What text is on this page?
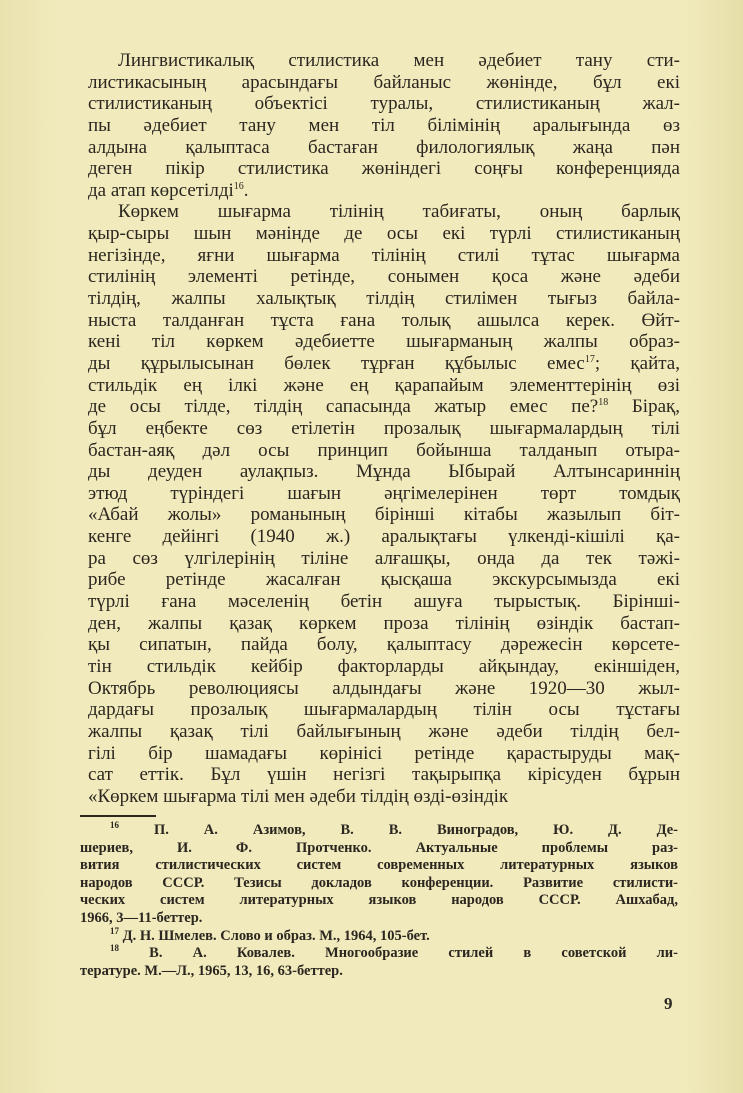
Лингвистикалық стилистика мен әдебиет тану сти-
листикасының арасындағы байланыс жөнінде, бұл екі
стилистиканың объектісі туралы, стилистиканың жал-
пы әдебиет тану мен тіл білімінің аралығында өз
алдына қалыптаса бастаған филологиялық жаңа пән
деген пікір стилистика жөніндегі соңғы конференцияда
да атап көрсетілді$^{16}$.
Көркем шығарма тілінің табиғаты, оның барлық
қыр-сыры шын мәнінде де осы екі түрлі стилистиканың
негізінде, яғни шығарма тілінің стилі тұтас шығарма
стилінің элементі ретінде, сонымен қоса және әдеби
тілдің, жалпы халықтық тілдің стилімен тығыз байла-
ныста талданған тұста ғана толық ашылса керек. Өйт-
кені тіл көркем әдебиетте шығарманың жалпы образ-
ды құрылысынан бөлек тұрған құбылыс емес$^{17}$; қайта,
стильдік ең ілкі және ең қарапайым элементтерінің өзі
де осы тілде, тілдің сапасында жатыр емес пе?$^{18}$ Бірақ,
бұл еңбекте сөз етілетін прозалық шығармалардың тілі
бастан-аяқ дәл осы принцип бойынша талданып отыра-
ды деуден аулақпыз. Мұнда Ыбырай Алтынсариннің
этюд түріндегі шағын әңгімелерінен төрт томдық
«Абай жолы» романының бірінші кітабы жазылып біт-
кенге дейінгі (1940 ж.) аралықтағы үлкенді-кішілі қа-
ра сөз үлгілерінің тіліне алғашқы, онда да тек тәжі-
рибе ретінде жасалған қысқаша экскурсымызда екі
түрлі ғана мәселенің бетін ашуға тырыстық. Біріншi-
ден, жалпы қазақ көркем проза тілінің өзіндік бастап-
қы сипатын, пайда болу, қалыптасу дәрежесін көрсете-
тін стильдік кейбір факторларды айқындау, екіншіден,
Октябрь революциясы алдындағы және 1920—30 жыл-
дардағы прозалық шығармалардың тілін осы тұстағы
жалпы қазақ тілі байлығының және әдеби тілдің бел-
гілі бір шамадағы көрінісі ретінде қарастыруды мақ-
сат еттік. Бұл үшін негізгі тақырыпқа кірісуден бұрын
«Көркем шығарма тілі мен әдеби тілдің өзді-өзіндік
$^{16}$ П. А. Азимов, В. В. Виноградов, Ю. Д. Де-
шериев, И. Ф. Протченко. Актуальные проблемы раз-
вития стилистических систем современных литературных языков
народов СССР. Тезисы докладов конференции. Развитие стилисти-
ческих систем литературных языков народов СССР. Ашхабад,
1966, 3—11-беттер.
$^{17}$ Д. Н. Шмелев. Слово и образ. М., 1964, 105-бет.
$^{18}$ В. А. Ковалев. Многообразие стилей в советской ли-
тературе. М.—Л., 1965, 13, 16, 63-беттер.
9
